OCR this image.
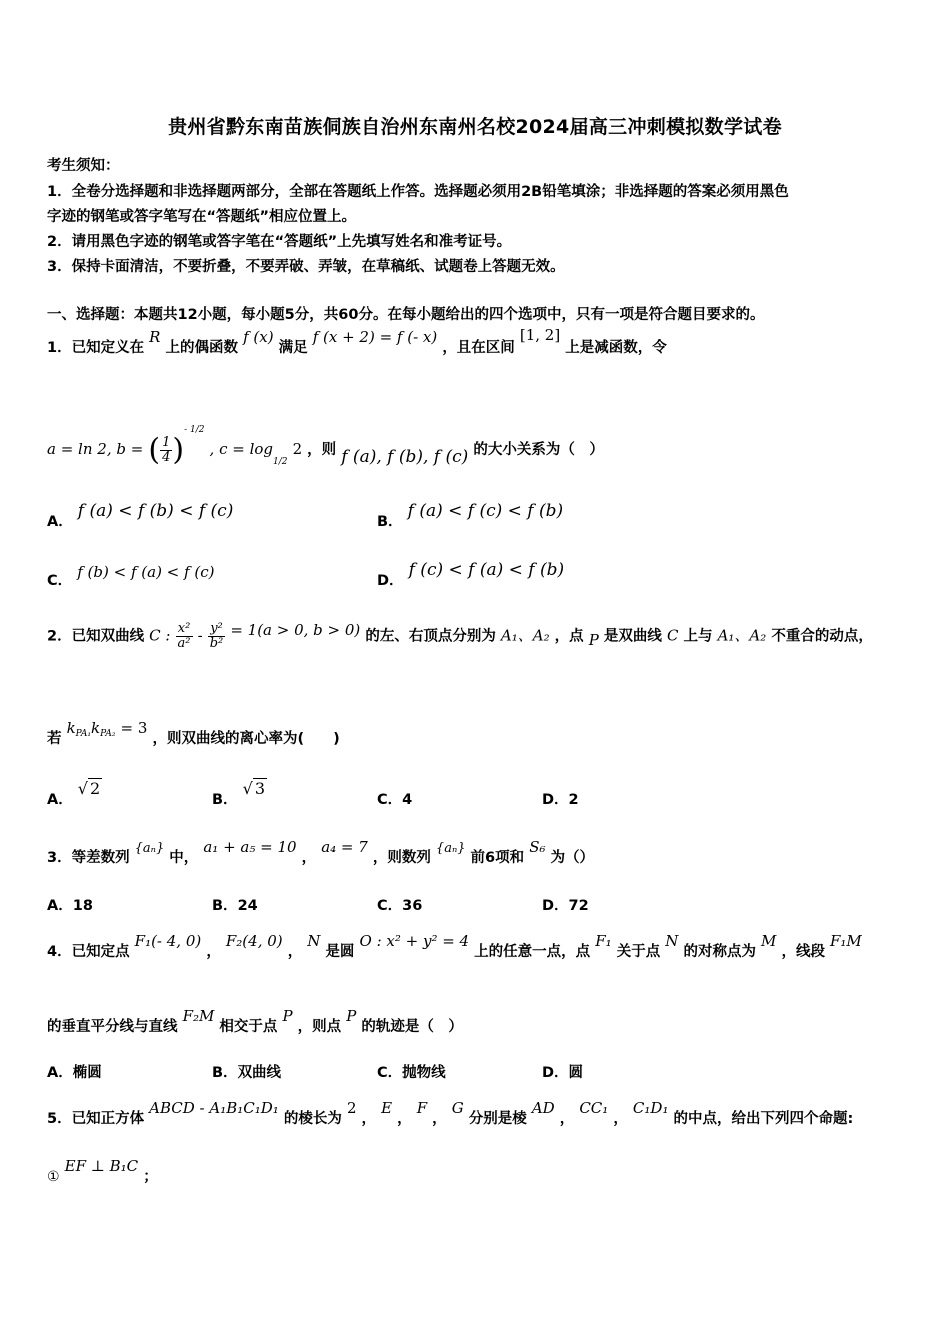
贵州省黔东南苗族侗族自治州东南州名校2024届高三冲刺模拟数学试卷
考生须知：
1．全卷分选择题和非选择题两部分，全部在答题纸上作答。选择题必须用2B铅笔填涂；非选择题的答案必须用黑色
字迹的钢笔或答字笔写在“答题纸”相应位置上。
2．请用黑色字迹的钢笔或答字笔在“答题纸”上先填写姓名和准考证号。
3．保持卡面清洁，不要折叠，不要弄破、弄皱，在草稿纸、试题卷上答题无效。
一、选择题：本题共12小题，每小题5分，共60分。在每小题给出的四个选项中，只有一项是符合题目要求的。
1．已知定义在 R 上的偶函数 f (x) 满足 f (x + 2) = f (- x) ，且在区间 [1, 2] 上是减函数，令
a = ln 2, b = ( $\frac{1}{4} )^{- 1/2}$ , $c = \log_{1/2} 2$ ，则 f (a), f (b), f (c) 的大小关系为（　）
A． f (a) < f (b) < f (c)
B． f (a) < f (c) < f (b)
C． f (b) < f (a) < f (c)	D． f (c) < f (a) < f (b)
2．已知双曲线 C : $\frac{\text{x²}}{\text{a²}} - \frac{\text{y²}}{\text{b²}} = 1(a > 0$, b > 0) 的左、右顶点分别为 A₁、A₂ ，点 P 是双曲线 C 上与 A₁、A₂ 不重合的动点，
若 $k_{PA_1}k_{PA_2} = 3$ ，则双曲线的离心率为(　　)
A． √ 2
B． √ 3
C．4	D．2
3．等差数列 {aₙ} 中， a₁ + a₅ = 10 ， a₄ = 7 ，则数列 {aₙ} 前6项和 S₆ 为（）
A．18	B．24	C．36	D．72
4．已知定点 F₁(- 4, 0) ， F₂(4, 0) ， N 是圆 O : x² + y² = 4 上的任意一点，点 F₁ 关于点 N 的对称点为 M ，线段 F₁M
的垂直平分线与直线 F₂M 相交于点 P ，则点 P 的轨迹是（　）
A．椭圆	B．双曲线	C．抛物线	D．圆
5．已知正方体 ABCD - A₁B₁C₁D₁ 的棱长为 2 ， E ， F ， G 分别是棱 AD ， CC₁ ， C₁D₁ 的中点，给出下列四个命题:
① EF ⊥ B₁C ；
